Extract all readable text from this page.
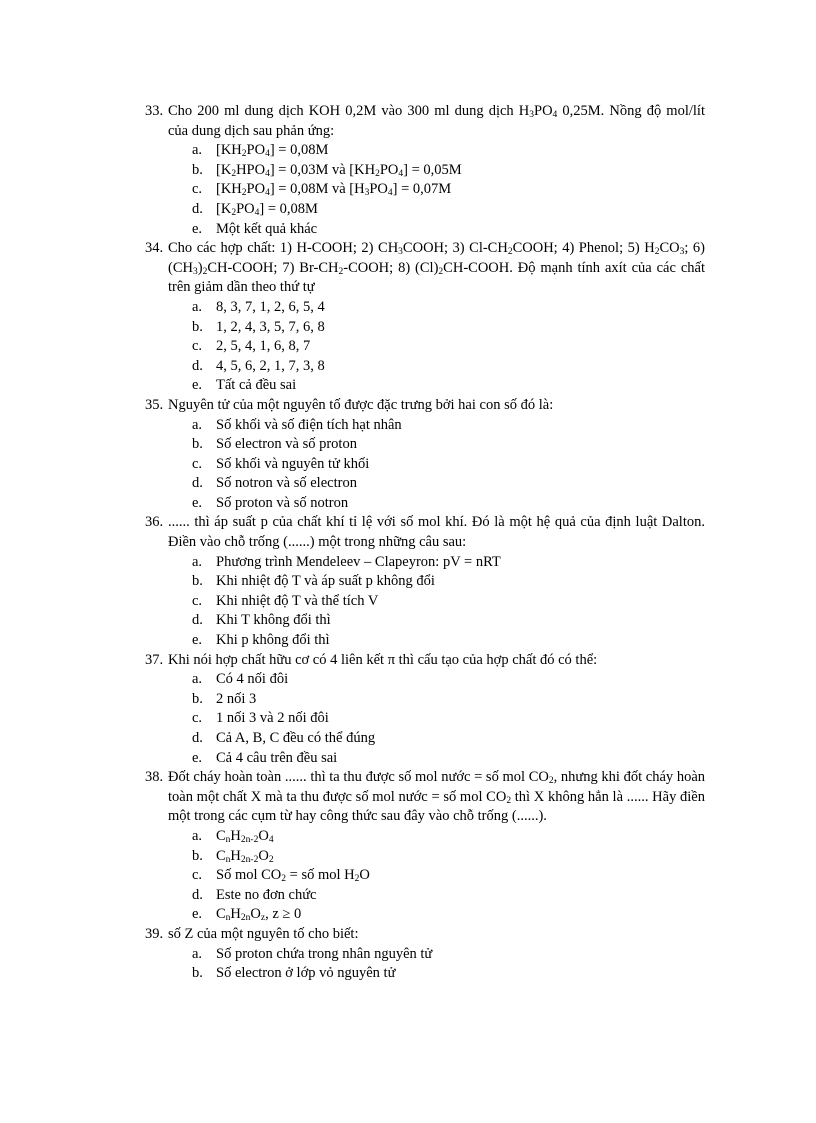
33. Cho 200 ml dung dịch KOH 0,2M vào 300 ml dung dịch $H_3PO_4$ 0,25M. Nồng độ mol/lít của dung dịch sau phản ứng:
a. $[KH_2PO_4] = 0,08M$
b. $[K_2HPO_4] = 0,03M$ và $[KH_2PO_4] = 0,05M$
c. $[KH_2PO_4] = 0,08M$ và $[H_3PO_4] = 0,07M$
d. $[K_2PO_4] = 0,08M$
e. Một kết quả khác
34. Cho các hợp chất: 1) H-COOH; 2) $CH_3COOH$; 3) $Cl-CH_2COOH$; 4) Phenol; 5) $H_2CO_3$; 6) $(CH_3)_2CH$-COOH; 7) $Br-CH_2$-COOH; 8) $(Cl)_2CH$-COOH. Độ mạnh tính axít của các chất trên giảm dần theo thứ tự
a. 8, 3, 7, 1, 2, 6, 5, 4
b. 1, 2, 4, 3, 5, 7, 6, 8
c. 2, 5, 4, 1, 6, 8, 7
d. 4, 5, 6, 2, 1, 7, 3, 8
e. Tất cả đều sai
35. Nguyên tử của một nguyên tố được đặc trưng bởi hai con số đó là:
a. Số khối và số điện tích hạt nhân
b. Số electron và số proton
c. Số khối và nguyên tử khối
d. Số notron và số electron
e. Số proton và số notron
36. ...... thì áp suất p của chất khí tỉ lệ với số mol khí. Đó là một hệ quả của định luật Dalton. Điền vào chỗ trống (......) một trong những câu sau:
a. Phương trình Mendeleev – Clapeyron: pV = nRT
b. Khi nhiệt độ T và áp suất p không đổi
c. Khi nhiệt độ T và thể tích V
d. Khi T không đổi thì
e. Khi p không đổi thì
37. Khi nói hợp chất hữu cơ có 4 liên kết π thì cấu tạo của hợp chất đó có thể:
a. Có 4 nối đôi
b. 2 nối 3
c. 1 nối 3 và 2 nối đôi
d. Cả A, B, C đều có thể đúng
e. Cả 4 câu trên đều sai
38. Đốt cháy hoàn toàn ...... thì ta thu được số mol nước = số mol $CO_2$, nhưng khi đốt cháy hoàn toàn một chất X mà ta thu được số mol nước = số mol $CO_2$ thì X không hẳn là ...... Hãy điền một trong các cụm từ hay công thức sau đây vào chỗ trống (......).
a. $C_nH_{2n-2}O_4$
b. $C_nH_{2n-2}O_2$
c. Số mol $CO_2$ = số mol $H_2O$
d. Este no đơn chức
e. $C_nH_{2n}O_z$, z ≥ 0
39. số Z của một nguyên tố cho biết:
a. Số proton chứa trong nhân nguyên tử
b. Số electron ở lớp vỏ nguyên tử
